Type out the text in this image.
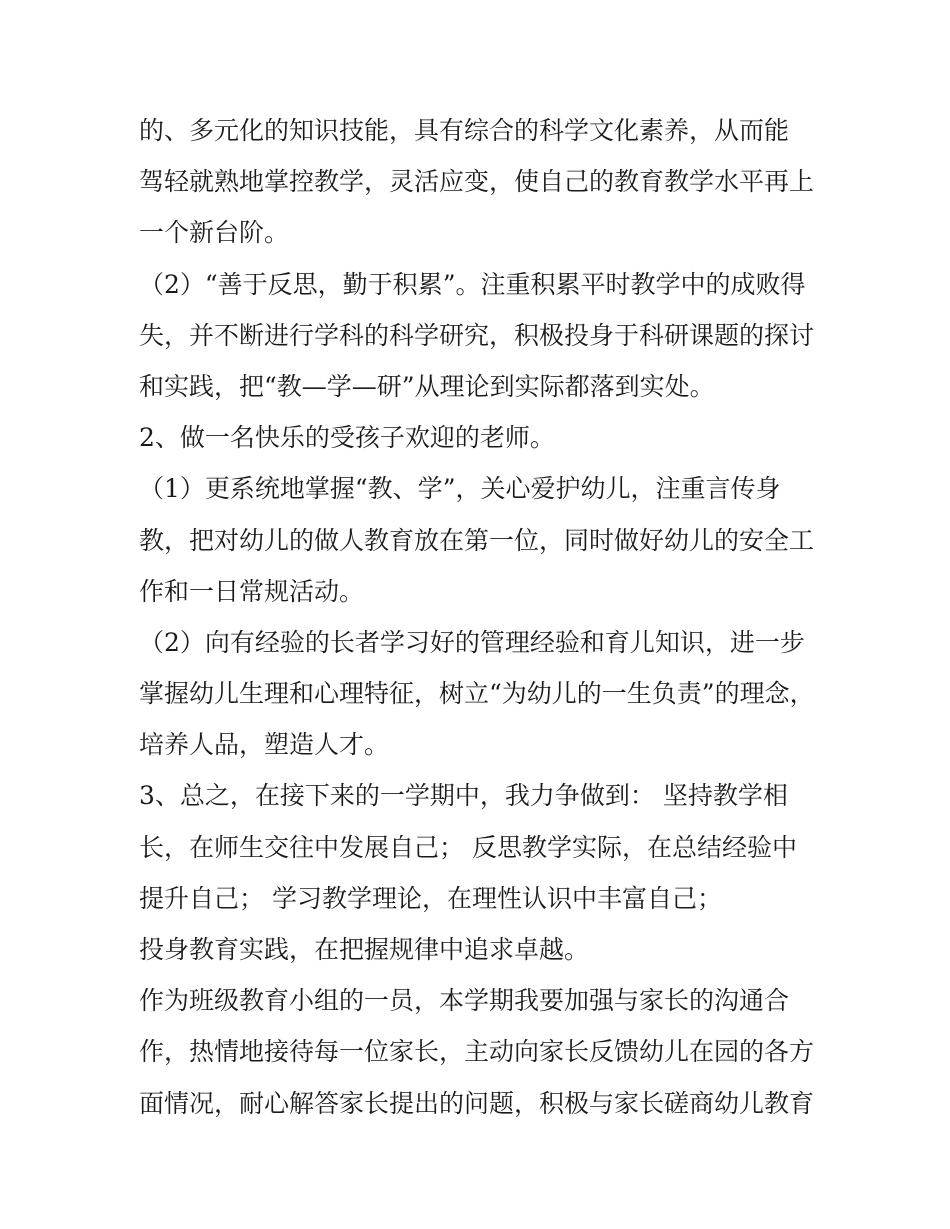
的、多元化的知识技能，具有综合的科学文化素养，从而能
驾轻就熟地掌控教学，灵活应变，使自己的教育教学水平再上
一个新台阶。
（2）“善于反思，勤于积累”。注重积累平时教学中的成败得
失，并不断进行学科的科学研究，积极投身于科研课题的探讨
和实践，把“教—学—研”从理论到实际都落到实处。
2、做一名快乐的受孩子欢迎的老师。
（1）更系统地掌握“教、学”，关心爱护幼儿，注重言传身
教，把对幼儿的做人教育放在第一位，同时做好幼儿的安全工
作和一日常规活动。
（2）向有经验的长者学习好的管理经验和育儿知识，进一步
掌握幼儿生理和心理特征，树立“为幼儿的一生负责”的理念，
培养人品，塑造人才。
3、总之，在接下来的一学期中，我力争做到： 坚持教学相
长，在师生交往中发展自己； 反思教学实际，在总结经验中
提升自己； 学习教学理论，在理性认识中丰富自己；
投身教育实践，在把握规律中追求卓越。
作为班级教育小组的一员，本学期我要加强与家长的沟通合
作，热情地接待每一位家长，主动向家长反馈幼儿在园的各方
面情况，耐心解答家长提出的问题，积极与家长磋商幼儿教育
